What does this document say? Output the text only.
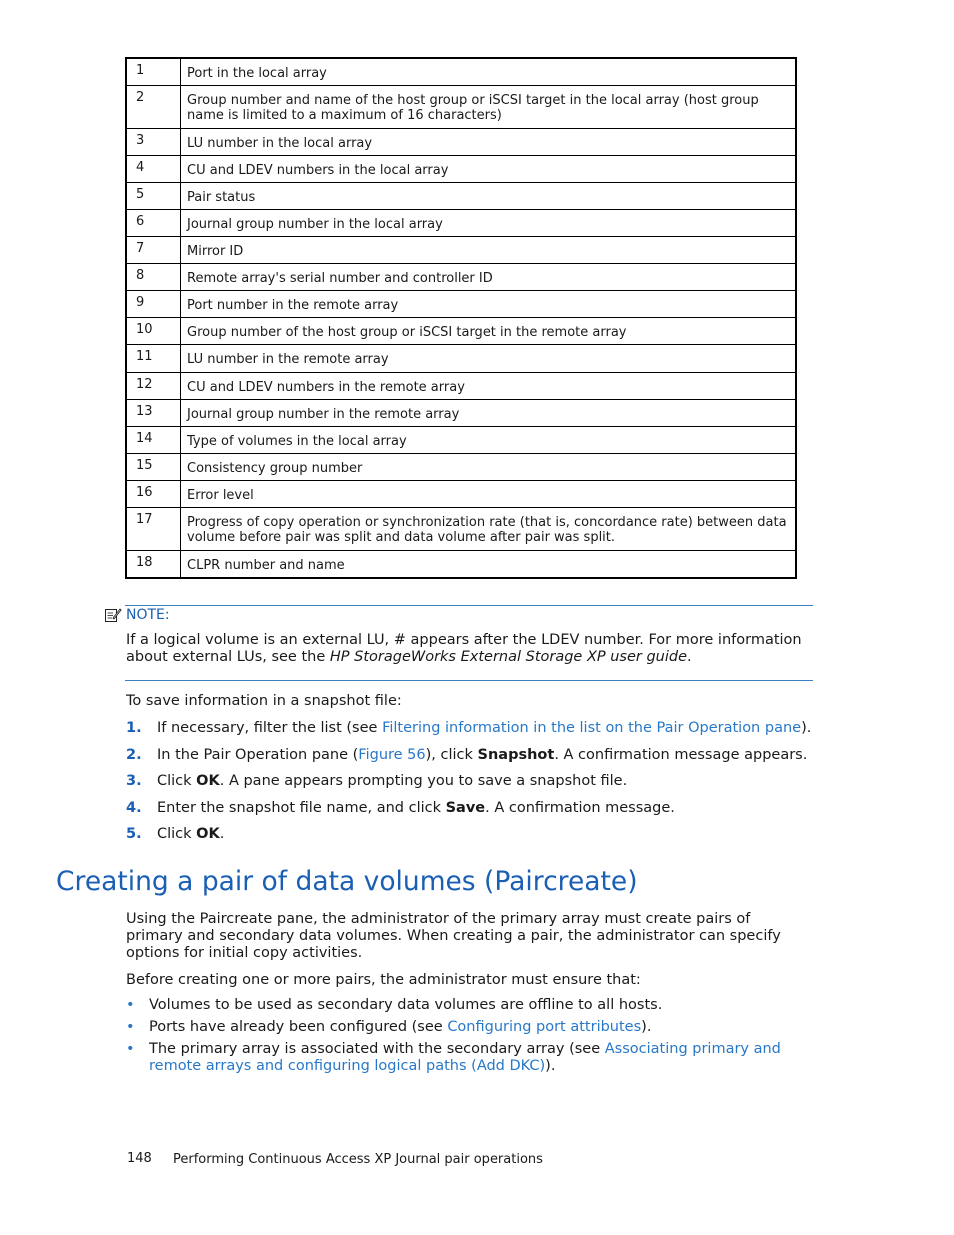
1	Port in the local array
2	Group number and name of the host group or iSCSI target in the local array (host group name is limited to a maximum of 16 characters)
3	LU number in the local array
4	CU and LDEV numbers in the local array
5	Pair status
6	Journal group number in the local array
7	Mirror ID
8	Remote array's serial number and controller ID
9	Port number in the remote array
10	Group number of the host group or iSCSI target in the remote array
11	LU number in the remote array
12	CU and LDEV numbers in the remote array
13	Journal group number in the remote array
14	Type of volumes in the local array
15	Consistency group number
16	Error level
17	Progress of copy operation or synchronization rate (that is, concordance rate) between data volume before pair was split and data volume after pair was split.
18	CLPR number and name
NOTE:
If a logical volume is an external LU, # appears after the LDEV number. For more information about external LUs, see the HP StorageWorks External Storage XP user guide.
To save information in a snapshot file:
1. If necessary, filter the list (see Filtering information in the list on the Pair Operation pane).
2. In the Pair Operation pane (Figure 56), click Snapshot. A confirmation message appears.
3. Click OK. A pane appears prompting you to save a snapshot file.
4. Enter the snapshot file name, and click Save. A confirmation message.
5. Click OK.
Creating a pair of data volumes (Paircreate)
Using the Paircreate pane, the administrator of the primary array must create pairs of primary and secondary data volumes. When creating a pair, the administrator can specify options for initial copy activities.
Before creating one or more pairs, the administrator must ensure that:
• Volumes to be used as secondary data volumes are offline to all hosts.
• Ports have already been configured (see Configuring port attributes).
• The primary array is associated with the secondary array (see Associating primary and remote arrays and configuring logical paths (Add DKC)).
148 Performing Continuous Access XP Journal pair operations
